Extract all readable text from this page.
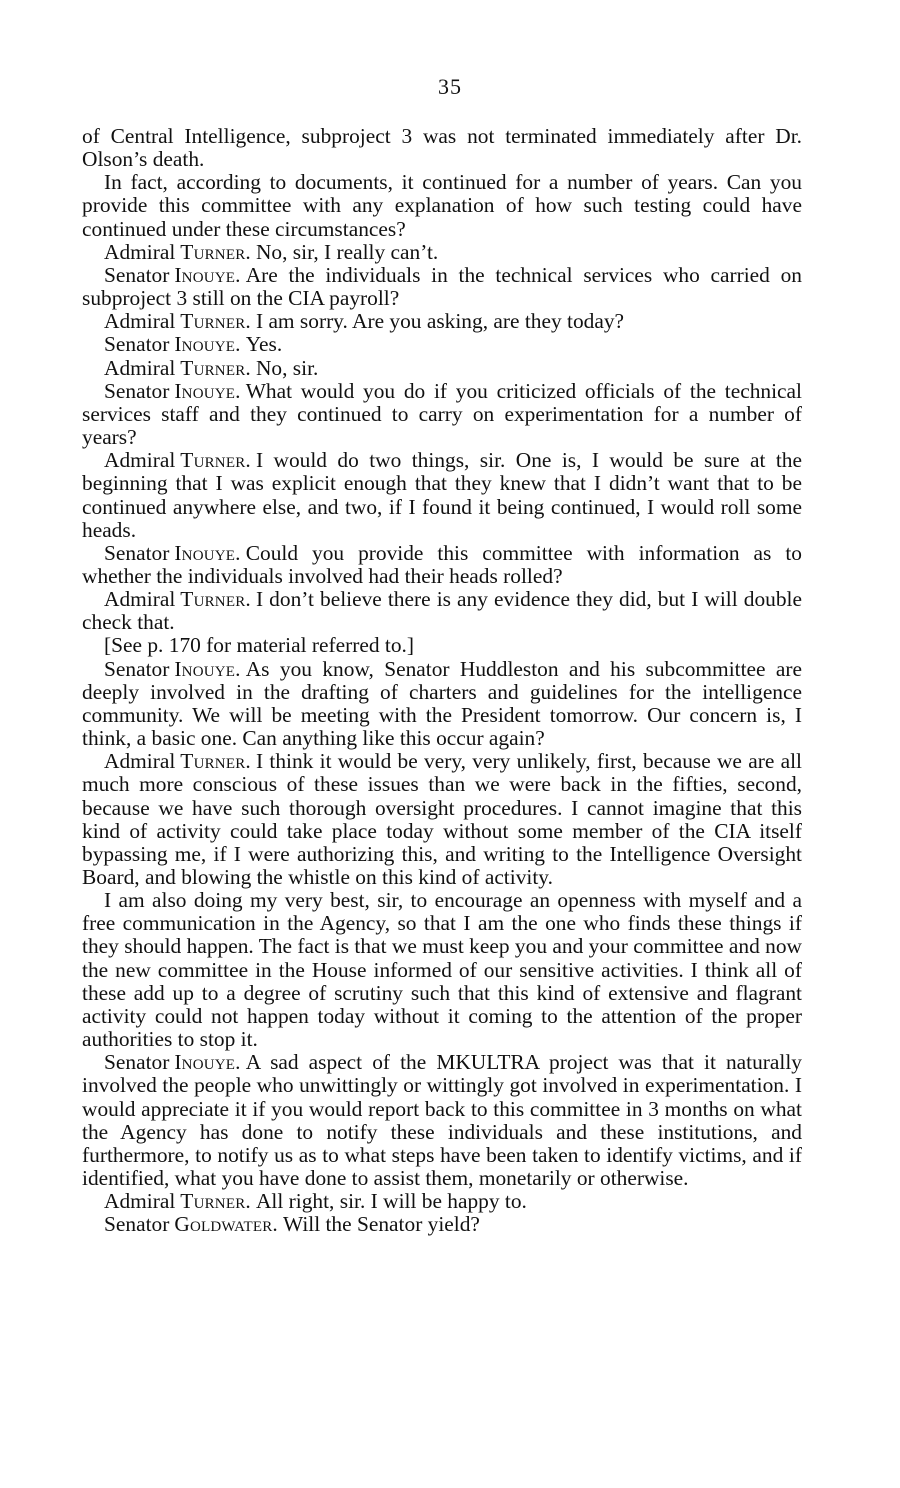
35

of Central Intelligence, subproject 3 was not terminated immediately after Dr. Olson’s death.

In fact, according to documents, it continued for a number of years. Can you provide this committee with any explanation of how such testing could have continued under these circumstances?

Admiral Turner . No, sir, I really can’t.

Senator Inouye . Are the individuals in the technical services who carried on subproject 3 still on the CIA payroll?

Admiral Turner . I am sorry. Are you asking, are they today?

Senator Inouye . Yes.

Admiral Turner . No, sir.

Senator Inouye . What would you do if you criticized officials of the technical services staff and they continued to carry on experimentation for a number of years?

Admiral Turner . I would do two things, sir. One is, I would be sure at the beginning that I was explicit enough that they knew that I didn’t want that to be continued anywhere else, and two, if I found it being continued, I would roll some heads.

Senator Inouye . Could you provide this committee with information as to whether the individuals involved had their heads rolled?

Admiral Turner . I don’t believe there is any evidence they did, but I will double check that.

[See p. 170 for material referred to.]

Senator Inouye . As you know, Senator Huddleston and his subcommittee are deeply involved in the drafting of charters and guidelines for the intelligence community. We will be meeting with the President tomorrow. Our concern is, I think, a basic one. Can anything like this occur again?

Admiral Turner . I think it would be very, very unlikely, first, because we are all much more conscious of these issues than we were back in the fifties, second, because we have such thorough oversight procedures. I cannot imagine that this kind of activity could take place today without some member of the CIA itself bypassing me, if I were authorizing this, and writing to the Intelligence Oversight Board, and blowing the whistle on this kind of activity.

I am also doing my very best, sir, to encourage an openness with myself and a free communication in the Agency, so that I am the one who finds these things if they should happen. The fact is that we must keep you and your committee and now the new committee in the House informed of our sensitive activities. I think all of these add up to a degree of scrutiny such that this kind of extensive and flagrant activity could not happen today without it coming to the attention of the proper authorities to stop it.

Senator Inouye . A sad aspect of the MKULTRA project was that it naturally involved the people who unwittingly or wittingly got involved in experimentation. I would appreciate it if you would report back to this committee in 3 months on what the Agency has done to notify these individuals and these institutions, and furthermore, to notify us as to what steps have been taken to identify victims, and if identified, what you have done to assist them, monetarily or otherwise.

Admiral Turner . All right, sir. I will be happy to.

Senator Goldwater . Will the Senator yield?
